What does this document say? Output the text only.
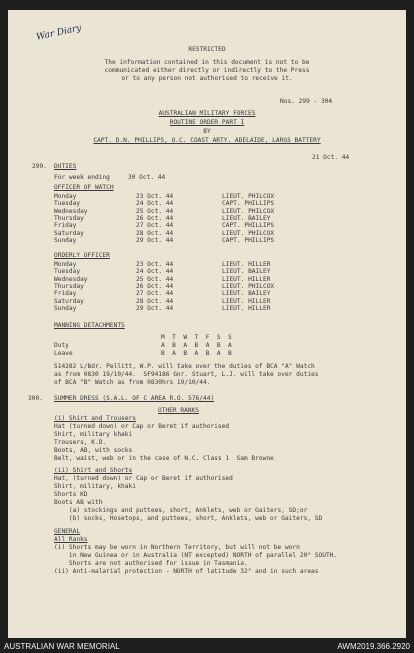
War Diary
RESTRICTED
The information contained in this document is not to be
communicated either directly or indirectly to the Press
or to any person not authorised to receive it.
Nos. 299 - 304
AUSTRALIAN MILITARY FORCES
ROUTINE ORDER PART I
BY
CAPT. D.N. PHILLIPS, O.C. COAST ARTY. ADELAIDE, LARGS BATTERY
21 Oct. 44
299. DUTIES
For week ending	30 Oct. 44
OFFICER OF WATCH
Monday	23 Oct. 44	LIEUT. PHILCOX
Tuesday	24 Oct. 44	CAPT. PHILLIPS
Wednesday	25 Oct. 44	LIEUT. PHILCOX
Thursday	26 Oct. 44	LIEUT. BAILEY
Friday	27 Oct. 44	CAPT. PHILLIPS
Saturday	28 Oct. 44	LIEUT. PHILCOX
Sunday	29 Oct. 44	CAPT. PHILLIPS
ORDERLY OFFICER
Monday	23 Oct. 44	LIEUT. HILLER
Tuesday	24 Oct. 44	LIEUT. BAILEY
Wednesday	25 Oct. 44	LIEUT. HILLER
Thursday	26 Oct. 44	LIEUT. PHILCOX
Friday	27 Oct. 44	LIEUT. BAILEY
Saturday	28 Oct. 44	LIEUT. HILLER
Sunday	29 Oct. 44	LIEUT. HILLER
MANNING DETACHMENTS
M  T  W  T  F  S  S
Duty	A  B  A  B  A  B  A
Leave	B  A  B  A  B  A  B
S14282 L/Bdr. Pellitt, W.P. will take over the duties of BCA "A" Watch
as from 0830 19/10/44.  SF94186 Gnr. Stuart, L.J. will take over duties
of BCA "B" Watch as from 0830hrs 19/10/44.
300. SUMMER DRESS (S.A.L. OF C AREA R.O. 576/44)
OTHER RANKS
(i) Shirt and Trousers
Hat (turned down) or Cap or Beret if authorised
Shirt, military khaki
Trousers, K.D.
Boots, AB, with socks
Belt, waist, web or in the case of N.C. Class 1  Sam Browne
(ii) Shirt and Shorts
Hat, (turned down) or Cap or Beret if authorised
Shirt, military, khaki
Shorts KD
Boots AB with
(a) stockings and puttees, short, Anklets, web or Gaiters, SD;or
(b) socks, Hosetops, and puttees, short, Anklets, web or Gaiters, SD
GENERAL
All Ranks
(i) Shorts may be worn in Northern Territory, but will not be worn
in New Guinea or in Australia (NT excepted) NORTH of parallel 20° SOUTH.
Shorts are not authorised for issue in Tasmania.
(ii) Anti-malarial protection - NORTH of latitude 32° and in such areas
AUSTRALIAN WAR MEMORIAL	AWM2019.366.2920
